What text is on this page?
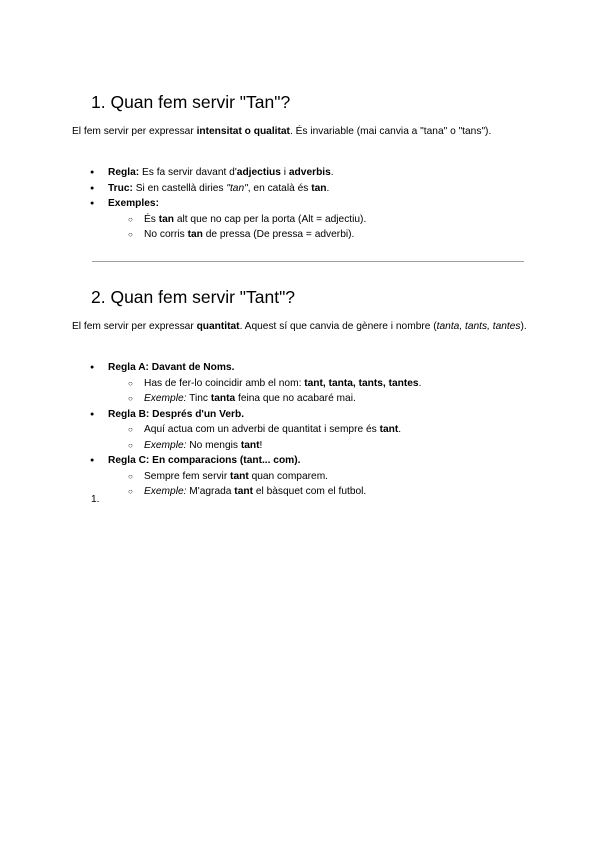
1. Quan fem servir "Tan"?

El fem servir per expressar intensitat o qualitat. És invariable (mai canvia a "tana" o "tans").

● Regla: Es fa servir davant d'adjectius i adverbis.
● Truc: Si en castellà diries "tan", en català és tan.
● Exemples:
○ És tan alt que no cap per la porta (Alt = adjectiu).
○ No corris tan de pressa (De pressa = adverbi).
2. Quan fem servir "Tant"?

El fem servir per expressar quantitat. Aquest sí que canvia de gènere i nombre (tanta, tants, tantes).

● Regla A: Davant de Noms.
○ Has de fer-lo coincidir amb el nom: tant, tanta, tants, tantes.
○ Exemple: Tinc tanta feina que no acabaré mai.
● Regla B: Després d'un Verb.
○ Aquí actua com un adverbi de quantitat i sempre és tant.
○ Exemple: No mengis tant!
● Regla C: En comparacions (tant... com).
○ Sempre fem servir tant quan comparem.
○ Exemple: M'agrada tant el bàsquet com el futbol.
1.
